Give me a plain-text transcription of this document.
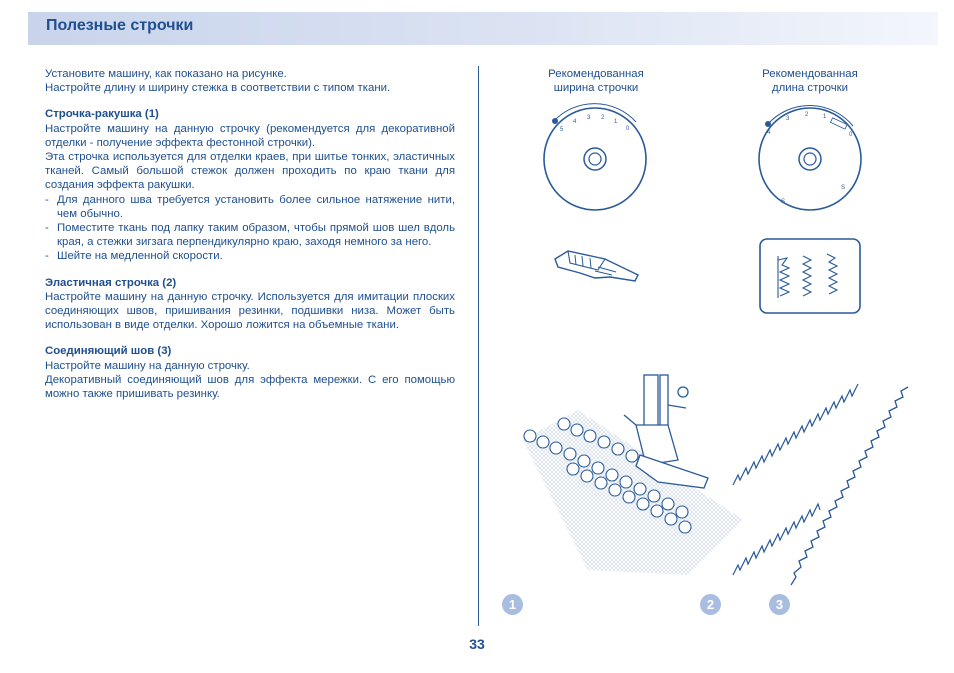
Полезные строчки

Установите машину, как показано на рисунке.

Настройте длину и ширину стежка в соответствии с типом ткани.

Строчка-ракушка (1)

Настройте машину на данную строчку (рекомендуется для декоративной отделки - получение эффекта фестонной строчки).

Эта строчка используется для отделки краев, при шитье тонких, эластичных тканей. Самый большой стежок должен проходить по краю ткани для создания эффекта ракушки.

- Для данного шва требуется установить более сильное натяжение нити, чем обычно.
- Поместите ткань под лапку таким образом, чтобы прямой шов шел вдоль края, а стежки зигзага перпендикулярно краю, заходя немного за него.
- Шейте на медленной скорости.

Эластичная строчка (2)

Настройте машину на данную строчку. Используется для имитации плоских соединяющих швов, пришивания резинки, подшивки низа. Может быть использован в виде отделки. Хорошо ложится на объемные ткани.

Соединяющий шов (3)

Настройте машину на данную строчку.

Декоративный соединяющий шов для эффекта мережки. С его помощью можно также пришивать резинку.

Рекомендованная
ширина строчки
5
4
3 2
1
0
Рекомендованная
длина строчки
4
3
2 1
0
S
S
1	2	3
33
